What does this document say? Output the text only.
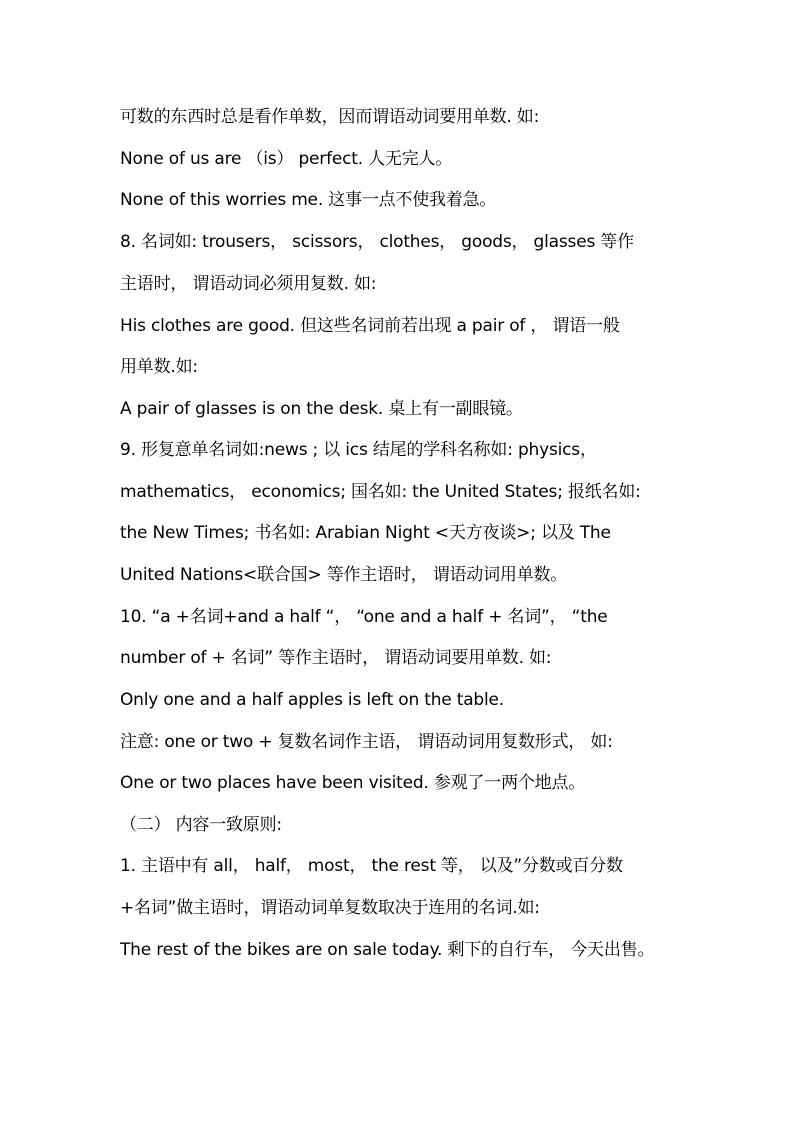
可数的东西时总是看作单数，因而谓语动词要用单数. 如:
None of us are （is） perfect. 人无完人。
None of this worries me. 这事一点不使我着急。
8. 名词如: trousers， scissors， clothes， goods， glasses 等作
主语时， 谓语动词必须用复数. 如:
His clothes are good. 但这些名词前若出现 a pair of ， 谓语一般
用单数.如:
A pair of glasses is on the desk. 桌上有一副眼镜。
9. 形复意单名词如:news ; 以 ics 结尾的学科名称如: physics，
mathematics， economics; 国名如: the United States; 报纸名如:
the New Times; 书名如: Arabian Night <天方夜谈>; 以及 The
United Nations<联合国> 等作主语时， 谓语动词用单数。
10. “a +名词+and a half “， “one and a half + 名词”， “the
number of + 名词” 等作主语时， 谓语动词要用单数. 如:
Only one and a half apples is left on the table.
注意: one or two + 复数名词作主语， 谓语动词用复数形式， 如:
One or two places have been visited. 参观了一两个地点。
（二） 内容一致原则:
1. 主语中有 all， half， most， the rest 等， 以及”分数或百分数
+名词”做主语时，谓语动词单复数取决于连用的名词.如:
The rest of the bikes are on sale today. 剩下的自行车， 今天出售。
